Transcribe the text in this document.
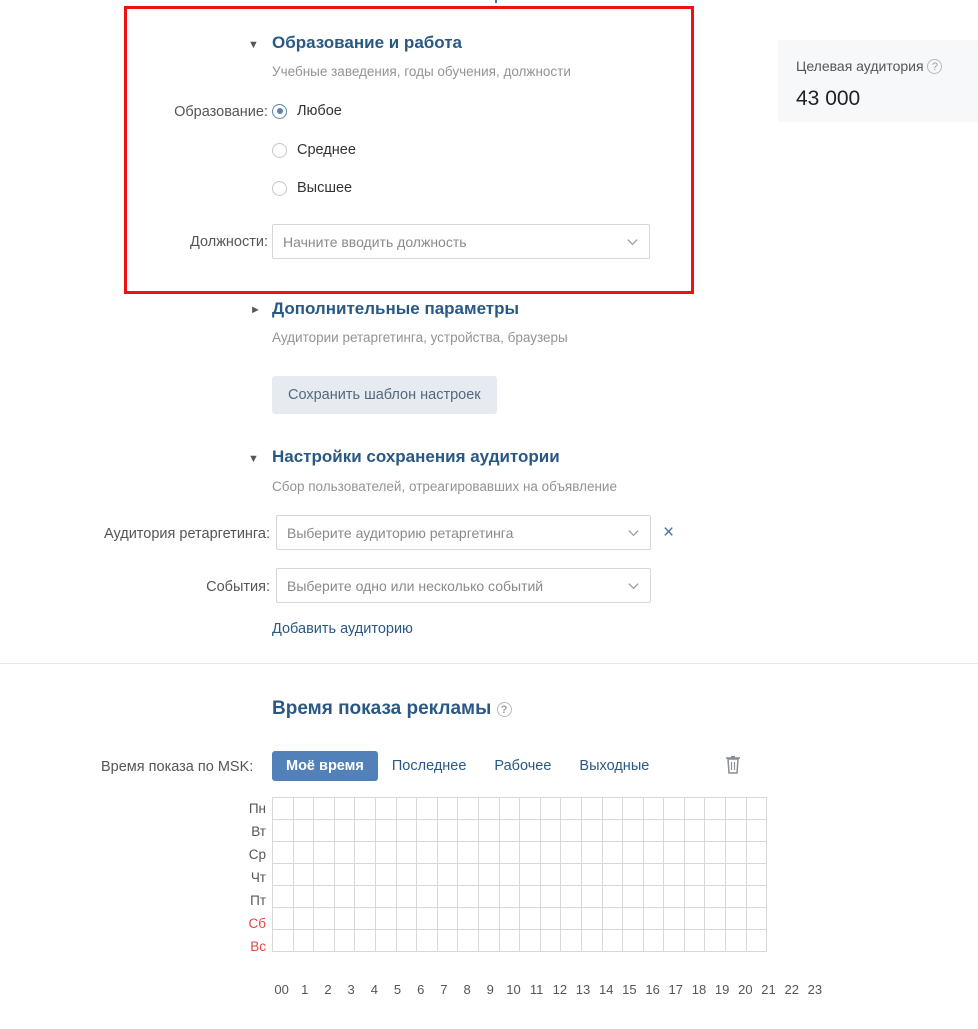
▼ Образование и работа
Учебные заведения, годы обучения, должности
Образование: Любое
Среднее
Высшее
Должности: Начните вводить должность
► Дополнительные параметры
Аудитории ретаргетинга, устройства, браузеры
Сохранить шаблон настроек
▼ Настройки сохранения аудитории
Сбор пользователей, отреагировавших на объявление
Аудитория ретаргетинга: Выберите аудиторию ретаргетинга	×
События: Выберите одно или несколько событий
Добавить аудиторию
Целевая аудитория ?
43 000
Время показа рекламы ?
Время показа по MSK:	Моё время	Последнее	Рабочее	Выходные
Пн
Вт
Ср
Чт
Пт
Сб
Вс

00 1	2	3	4	5	6	7	8	9 10 11 12 13 14 15 16 17 18 19 20 21 22 23
